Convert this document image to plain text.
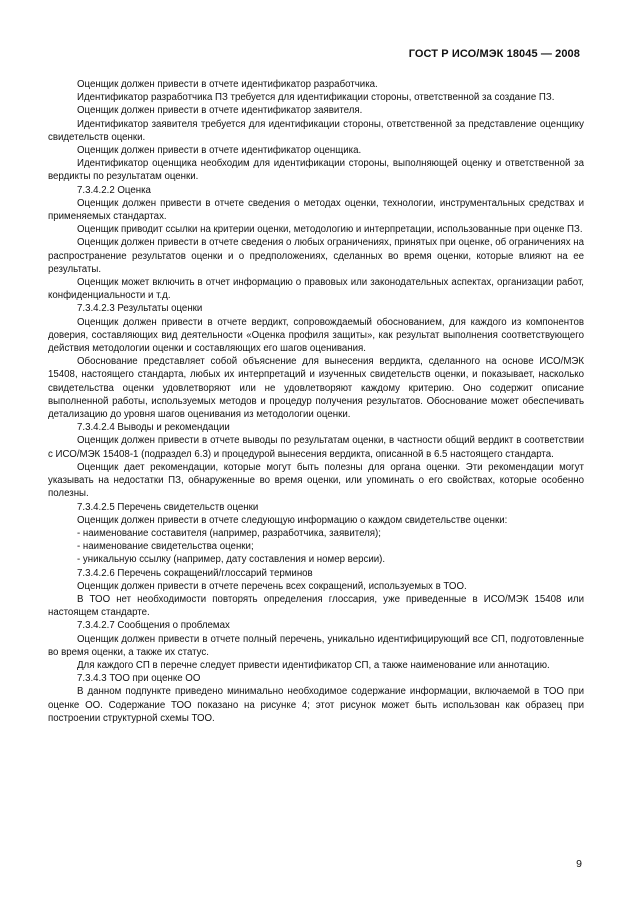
ГОСТ Р ИСО/МЭК 18045 — 2008

Оценщик должен привести в отчете идентификатор разработчика.

Идентификатор разработчика ПЗ требуется для идентификации стороны, ответственной за создание ПЗ.

Оценщик должен привести в отчете идентификатор заявителя.

Идентификатор заявителя требуется для идентификации стороны, ответственной за представление оценщику свидетельств оценки.

Оценщик должен привести в отчете идентификатор оценщика.

Идентификатор оценщика необходим для идентификации стороны, выполняющей оценку и ответственной за вердикты по результатам оценки.

7.3.4.2.2 Оценка

Оценщик должен привести в отчете сведения о методах оценки, технологии, инструментальных средствах и применяемых стандартах.

Оценщик приводит ссылки на критерии оценки, методологию и интерпретации, использованные при оценке ПЗ.

Оценщик должен привести в отчете сведения о любых ограничениях, принятых при оценке, об ограничениях на распространение результатов оценки и о предположениях, сделанных во время оценки, которые влияют на ее результаты.

Оценщик может включить в отчет информацию о правовых или законодательных аспектах, организации работ, конфиденциальности и т.д.

7.3.4.2.3 Результаты оценки

Оценщик должен привести в отчете вердикт, сопровождаемый обоснованием, для каждого из компонентов доверия, составляющих вид деятельности «Оценка профиля защиты», как результат выполнения соответствующего действия методологии оценки и составляющих его шагов оценивания.

Обоснование представляет собой объяснение для вынесения вердикта, сделанного на основе ИСО/МЭК 15408, настоящего стандарта, любых их интерпретаций и изученных свидетельств оценки, и показывает, насколько свидетельства оценки удовлетворяют или не удовлетворяют каждому критерию. Оно содержит описание выполненной работы, используемых методов и процедур получения результатов. Обоснование может обеспечивать детализацию до уровня шагов оценивания из методологии оценки.

7.3.4.2.4 Выводы и рекомендации

Оценщик должен привести в отчете выводы по результатам оценки, в частности общий вердикт в соответствии с ИСО/МЭК 15408-1 (подраздел 6.3) и процедурой вынесения вердикта, описанной в 6.5 настоящего стандарта.

Оценщик дает рекомендации, которые могут быть полезны для органа оценки. Эти рекомендации могут указывать на недостатки ПЗ, обнаруженные во время оценки, или упоминать о его свойствах, которые особенно полезны.

7.3.4.2.5 Перечень свидетельств оценки

Оценщик должен привести в отчете следующую информацию о каждом свидетельстве оценки:

- наименование составителя (например, разработчика, заявителя);

- наименование свидетельства оценки;

- уникальную ссылку (например, дату составления и номер версии).

7.3.4.2.6 Перечень сокращений/глоссарий терминов

Оценщик должен привести в отчете перечень всех сокращений, используемых в ТОО.

В ТОО нет необходимости повторять определения глоссария, уже приведенные в ИСО/МЭК 15408 или настоящем стандарте.

7.3.4.2.7 Сообщения о проблемах

Оценщик должен привести в отчете полный перечень, уникально идентифицирующий все СП, подготовленные во время оценки, а также их статус.

Для каждого СП в перечне следует привести идентификатор СП, а также наименование или аннотацию.

7.3.4.3 ТОО при оценке ОО

В данном подпункте приведено минимально необходимое содержание информации, включаемой в ТОО при оценке ОО. Содержание ТОО показано на рисунке 4; этот рисунок может быть использован как образец при построении структурной схемы ТОО.

9
